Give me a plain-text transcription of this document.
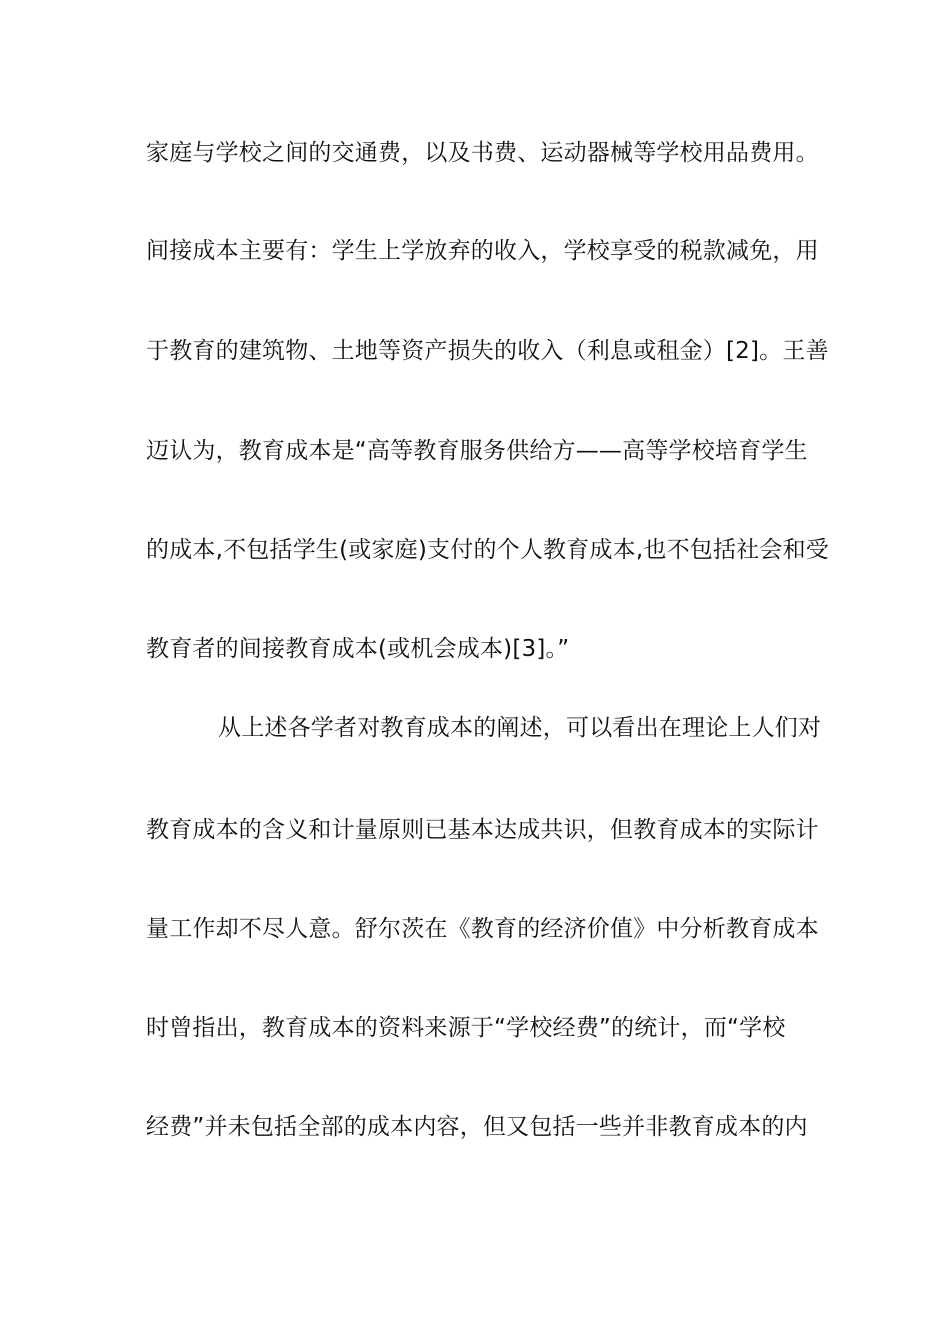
家庭与学校之间的交通费，以及书费、运动器械等学校用品费用。
间接成本主要有：学生上学放弃的收入，学校享受的税款减免，用
于教育的建筑物、土地等资产损失的收入（利息或租金）[2]。王善
迈认为，教育成本是“高等教育服务供给方——高等学校培育学生
的成本,不包括学生(或家庭)支付的个人教育成本,也不包括社会和受
教育者的间接教育成本(或机会成本)[3]。”
从上述各学者对教育成本的阐述，可以看出在理论上人们对
教育成本的含义和计量原则已基本达成共识，但教育成本的实际计
量工作却不尽人意。舒尔茨在《教育的经济价值》中分析教育成本
时曾指出，教育成本的资料来源于“学校经费”的统计，而“学校
经费”并未包括全部的成本内容，但又包括一些并非教育成本的内
